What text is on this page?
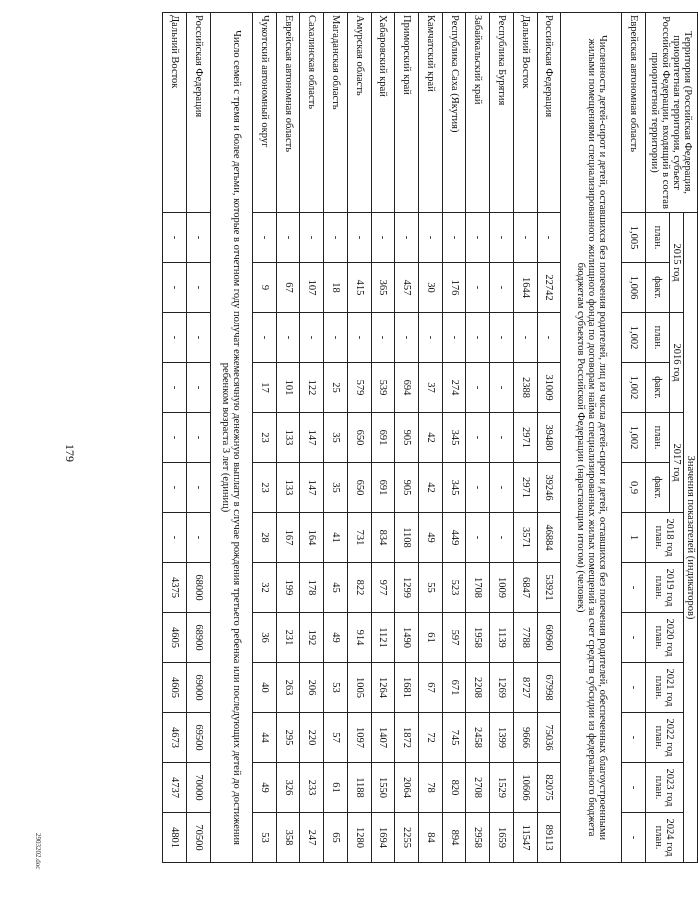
179
2903202.doc
Территория (Российская Федерация, приоритетная территория, субъект Российской Федерации, входящий в состав приоритетной территории)	Значения показателей (индикаторов)												
	2015 год		2016 год		2017 год		2018 год план.	2019 год план.	2020 год план.	2021 год план.	2022 год план.	2023 год план.	2024 год план.
	план.	факт.	план.	факт.	план.	факт.							
Еврейская автономная область	1,005	1,006	1,002	1,002	1,002	0,9	1	-	-	-	-	-	-
Численность детей-сирот и детей, оставшихся без попечения родителей, лиц из числа детей-сирот и детей, оставшихся без попечения родителей, обеспеченных благоустроенными жилыми помещениями специализированного жилищного фонда по договорам найма специализированных жилых помещений за счет средств субсидии из федерального бюджета бюджетам субъектов Российской Федерации (нарастающим итогом) (человек)													
Российская Федерация	-	22742	-	31009	39480	39246	46884	53921	60960	67998	75036	82075	89113
Дальний Восток	-	1644	-	2388	2971	2971	3571	6847	7788	8727	9666	10606	11547
Республика Бурятия	-	-	-	-	-	-	-	1009	1139	1269	1399	1529	1659
Забайкальский край	-	-	-	-	-	-	-	1708	1958	2208	2458	2708	2958
Республика Саха (Якутия)	-	176	-	274	345	345	449	523	597	671	745	820	894
Камчатский край	-	30	-	37	42	42	49	55	61	67	72	78	84
Приморский край	-	457	-	694	905	905	1108	1299	1490	1681	1872	2064	2255
Хабаровский край	-	365	-	539	691	691	834	977	1121	1264	1407	1550	1694
Амурская область	-	415	-	579	650	650	731	822	914	1005	1097	1188	1280
Магаданская область	-	18	-	25	35	35	41	45	49	53	57	61	65
Сахалинская область	-	107	-	122	147	147	164	178	192	206	220	233	247
Еврейская автономная область	-	67	-	101	133	133	167	199	231	263	295	326	358
Чукотский автономный округ	-	9	-	17	23	23	28	32	36	40	44	49	53
Число семей с тремя и более детьми, которые в отчетном году получат ежемесячную денежную выплату в случае рождения третьего ребенка или последующих детей до достижения ребенком возраста 3 лет (единиц)													
Российская Федерация	-	-	-	-	-	-	-	68000	68900	69000	69500	70000	70500
Дальний Восток	-	-	-	-	-	-	-	4375	4605	4605	4673	4737	4801
